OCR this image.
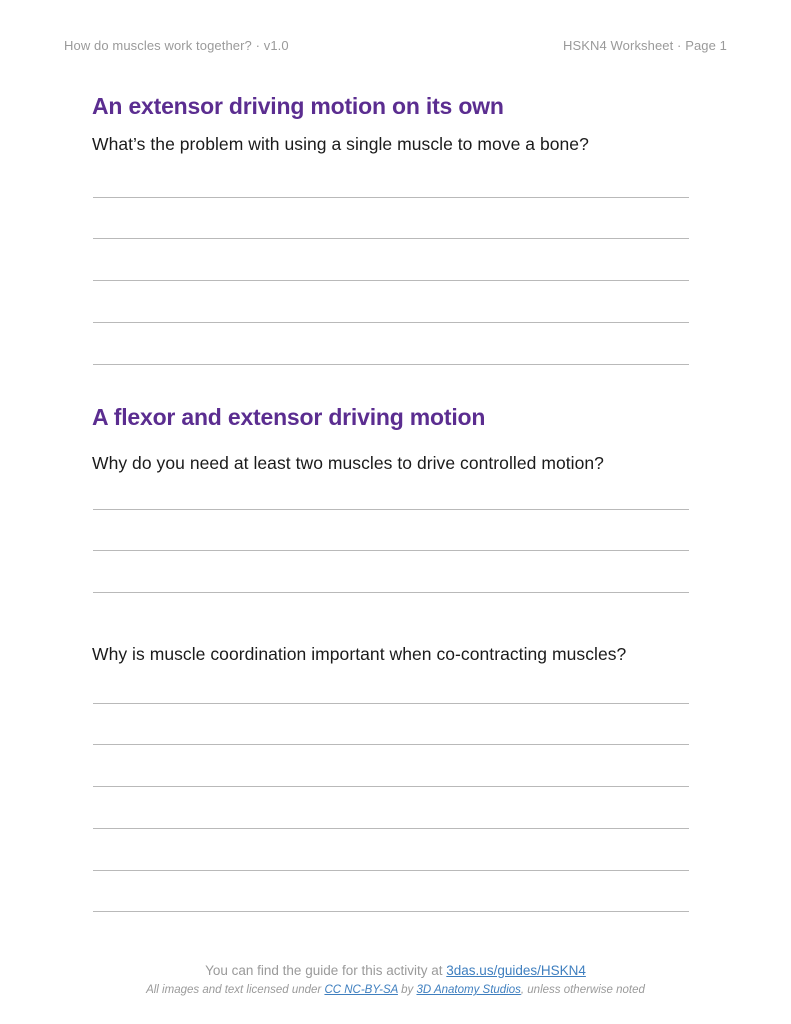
How do muscles work together? · v1.0	HSKN4 Worksheet · Page 1
An extensor driving motion on its own

What’s the problem with using a single muscle to move a bone?

A flexor and extensor driving motion

Why do you need at least two muscles to drive controlled motion?

Why is muscle coordination important when co-contracting muscles?

You can find the guide for this activity at 3das.us/guides/HSKN4
All images and text licensed under CC NC-BY-SA by 3D Anatomy Studios, unless otherwise noted
